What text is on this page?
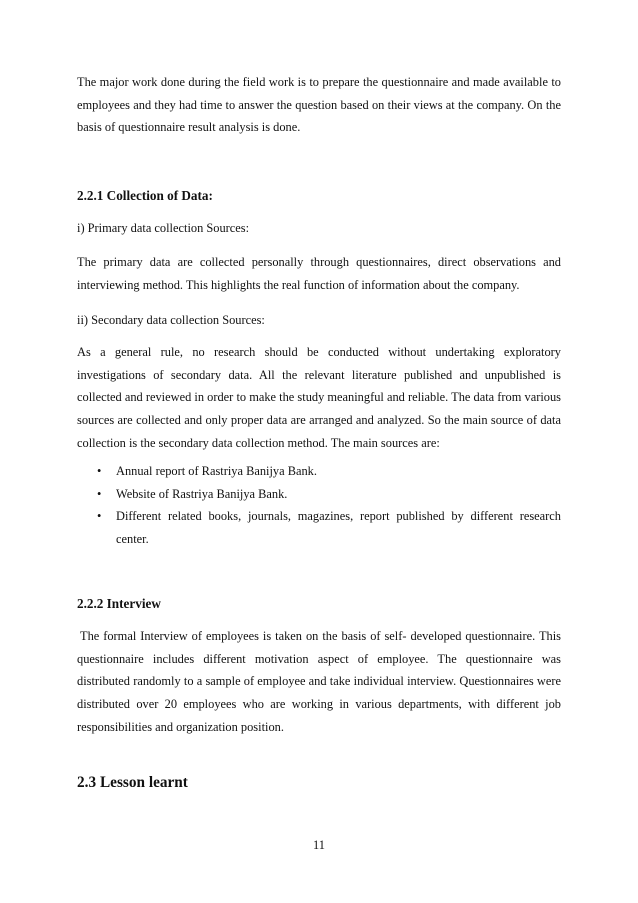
The major work done during the field work is to prepare the questionnaire and made available to employees and they had time to answer the question based on their views at the company. On the basis of questionnaire result analysis is done.

2.2.1 Collection of Data:

i) Primary data collection Sources:

The primary data are collected personally through questionnaires, direct observations and interviewing method. This highlights the real function of information about the company.

ii) Secondary data collection Sources:

As a general rule, no research should be conducted without undertaking exploratory investigations of secondary data. All the relevant literature published and unpublished is collected and reviewed in order to make the study meaningful and reliable. The data from various sources are collected and only proper data are arranged and analyzed. So the main source of data collection is the secondary data collection method. The main sources are:

•	Annual report of Rastriya Banijya Bank.
•	Website of Rastriya Banijya Bank.
•	Different related books, journals, magazines, report published by different research center.
2.2.2 Interview

The formal Interview of employees is taken on the basis of self- developed questionnaire. This questionnaire includes different motivation aspect of employee. The questionnaire was distributed randomly to a sample of employee and take individual interview. Questionnaires were distributed over 20 employees who are working in various departments, with different job responsibilities and organization position.

2.3 Lesson learnt
11
